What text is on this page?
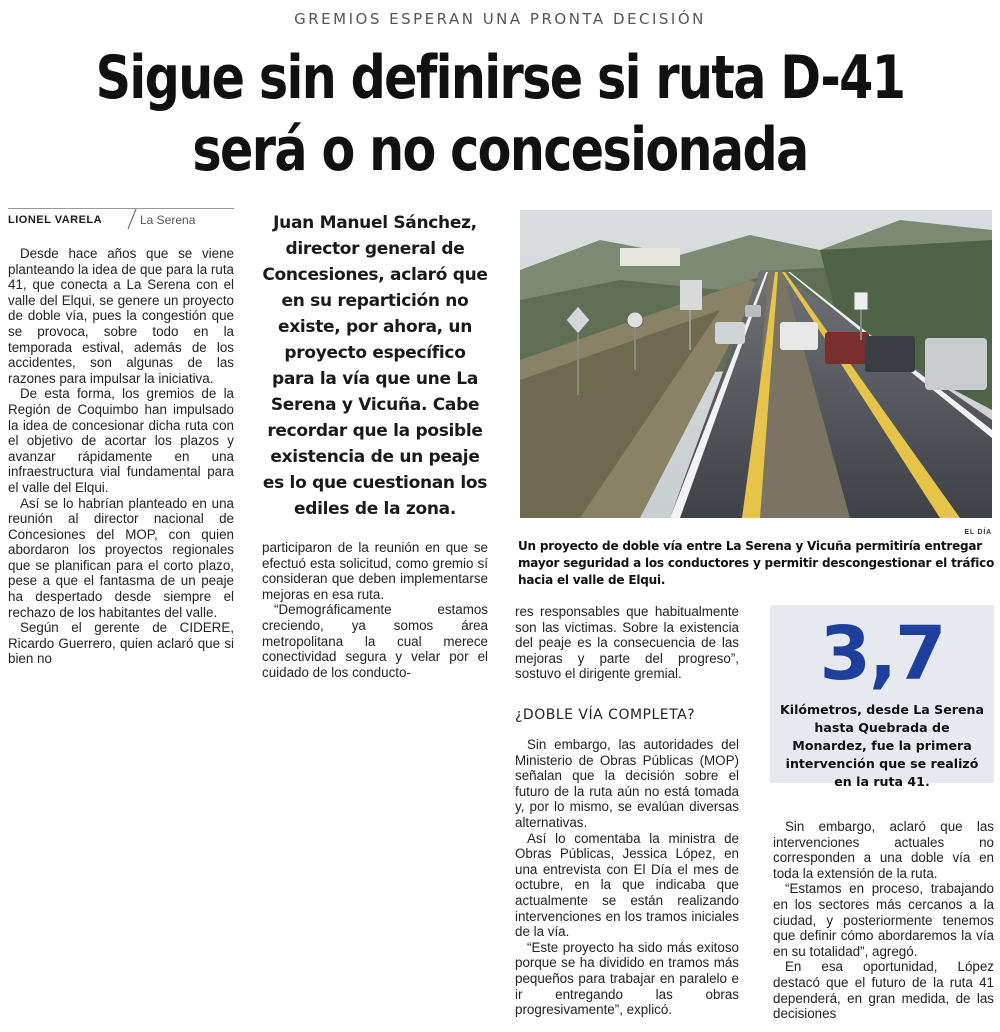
GREMIOS ESPERAN UNA PRONTA DECISIÓN
Sigue sin definirse si ruta D-41
será o no concesionada
LIONEL VARELA	La Serena

Desde hace años que se viene planteando la idea de que para la ruta 41, que conecta a La Serena con el valle del Elqui, se genere un proyecto de doble vía, pues la congestión que se provoca, sobre todo en la temporada estival, además de los accidentes, son algunas de las razones para impulsar la iniciativa.

De esta forma, los gremios de la Región de Coquimbo han impulsado la idea de concesionar dicha ruta con el objetivo de acortar los plazos y avanzar rápidamente en una infraestructura vial fundamental para el valle del Elqui.

Así se lo habrían planteado en una reunión al director nacional de Concesiones del MOP, con quien abordaron los proyectos regionales que se planifican para el corto plazo, pese a que el fantasma de un peaje ha despertado desde siempre el rechazo de los habitantes del valle.

Según el gerente de CIDERE, Ricardo Guerrero, quien aclaró que si bien no

Juan Manuel Sánchez, director general de Concesiones, aclaró que en su repartición no existe, por ahora, un proyecto específico para la vía que une La Serena y Vicuña. Cabe recordar que la posible existencia de un peaje es lo que cuestionan los ediles de la zona.

participaron de la reunión en que se efectuó esta solicitud, como gremio sí consideran que deben implementarse mejoras en esa ruta.

“Demográficamente estamos creciendo, ya somos área metropolitana la cual merece conectividad segura y velar por el cuidado de los conducto-

EL DÍA
Un proyecto de doble vía entre La Serena y Vicuña permitiría entregar mayor seguridad a los conductores y permitir descongestionar el tráfico hacia el valle de Elqui.

res responsables que habitualmente son las victimas. Sobre la existencia del peaje es la consecuencia de las mejoras y parte del progreso”, sostuvo el dirigente gremial.

¿DOBLE VÍA COMPLETA?

Sin embargo, las autoridades del Ministerio de Obras Públicas (MOP) señalan que la decisión sobre el futuro de la ruta aún no está tomada y, por lo mismo, se evalúan diversas alternativas.

Así lo comentaba la ministra de Obras Públicas, Jessica López, en una entrevista con El Día el mes de octubre, en la que indicaba que actualmente se están realizando intervenciones en los tramos iniciales de la vía.

“Este proyecto ha sido más exitoso porque se ha dividido en tramos más pequeños para trabajar en paralelo e ir entregando las obras progresivamente”, explicó.

3,7
Kilómetros, desde La Serena hasta Quebrada de Monardez, fue la primera intervención que se realizó en la ruta 41.

Sin embargo, aclaró que las intervenciones actuales no corresponden a una doble vía en toda la extensión de la ruta.

“Estamos en proceso, trabajando en los sectores más cercanos a la ciudad, y posteriormente tenemos que definir cómo abordaremos la vía en su totalidad”, agregó.

En esa oportunidad, López destacó que el futuro de la ruta 41 dependerá, en gran medida, de las decisiones
